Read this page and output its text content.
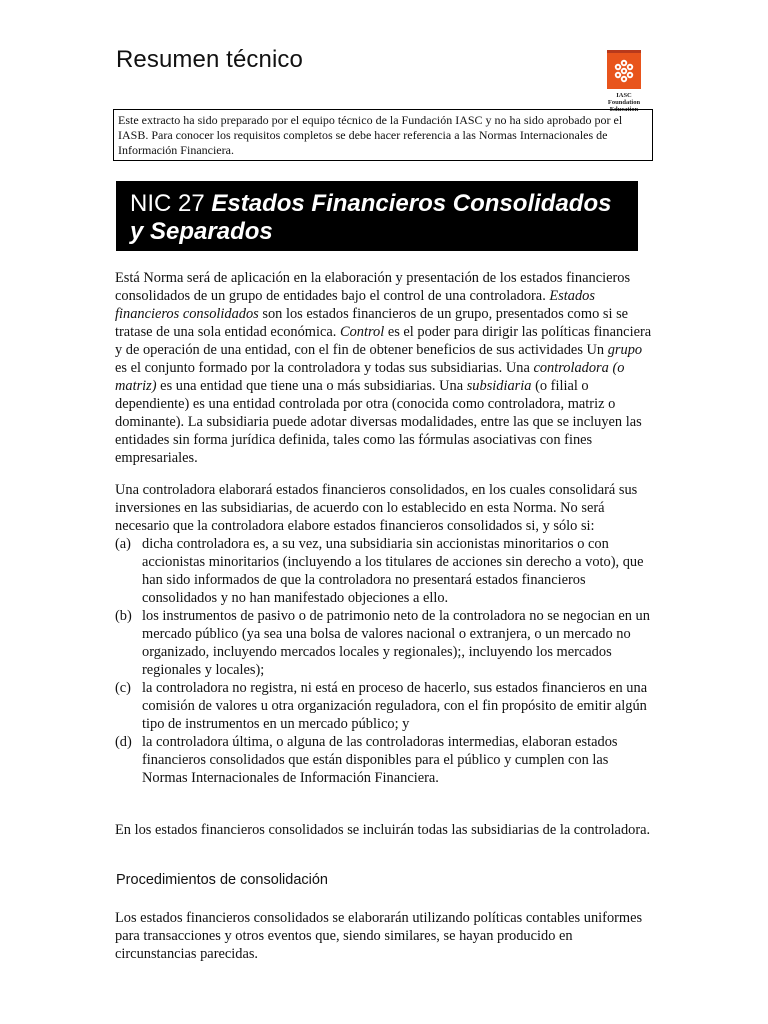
Resumen técnico
IASC Foundation
Education
Este extracto ha sido preparado por el equipo técnico de la Fundación IASC y no ha sido aprobado por el IASB. Para conocer los requisitos completos se debe hacer referencia a las Normas Internacionales de Información Financiera.
NIC 27 Estados Financieros Consolidados
y Separados

Está Norma será de aplicación en la elaboración y presentación de los estados financieros consolidados de un grupo de entidades bajo el control de una controladora. Estados financieros consolidados son los estados financieros de un grupo, presentados como si se tratase de una sola entidad económica. Control es el poder para dirigir las políticas financiera y de operación de una entidad, con el fin de obtener beneficios de sus actividades Un grupo es el conjunto formado por la controladora y todas sus subsidiarias. Una controladora (o matriz) es una entidad que tiene una o más subsidiarias. Una subsidiaria (o filial o dependiente) es una entidad controlada por otra (conocida como controladora, matriz o dominante). La subsidiaria puede adotar diversas modalidades, entre las que se incluyen las entidades sin forma jurídica definida, tales como las fórmulas asociativas con fines empresariales.

Una controladora elaborará estados financieros consolidados, en los cuales consolidará sus inversiones en las subsidiarias, de acuerdo con lo establecido en esta Norma. No será necesario que la controladora elabore estados financieros consolidados si, y sólo si:

(a) dicha controladora es, a su vez, una subsidiaria sin accionistas minoritarios o con accionistas minoritarios (incluyendo a los titulares de acciones sin derecho a voto), que han sido informados de que la controladora no presentará estados financieros consolidados y no han manifestado objeciones a ello.
(b) los instrumentos de pasivo o de patrimonio neto de la controladora no se negocian en un mercado público (ya sea una bolsa de valores nacional o extranjera, o un mercado no organizado, incluyendo mercados locales y regionales);, incluyendo los mercados regionales y locales);
(c) la controladora no registra, ni está en proceso de hacerlo, sus estados financieros en una comisión de valores u otra organización reguladora, con el fin propósito de emitir algún tipo de instrumentos en un mercado público; y
(d) la controladora última, o alguna de las controladoras intermedias, elaboran estados financieros consolidados que están disponibles para el público y cumplen con las Normas Internacionales de Información Financiera.
En los estados financieros consolidados se incluirán todas las subsidiarias de la controladora.
Procedimientos de consolidación
Los estados financieros consolidados se elaborarán utilizando políticas contables uniformes para transacciones y otros eventos que, siendo similares, se hayan producido en circunstancias parecidas.
